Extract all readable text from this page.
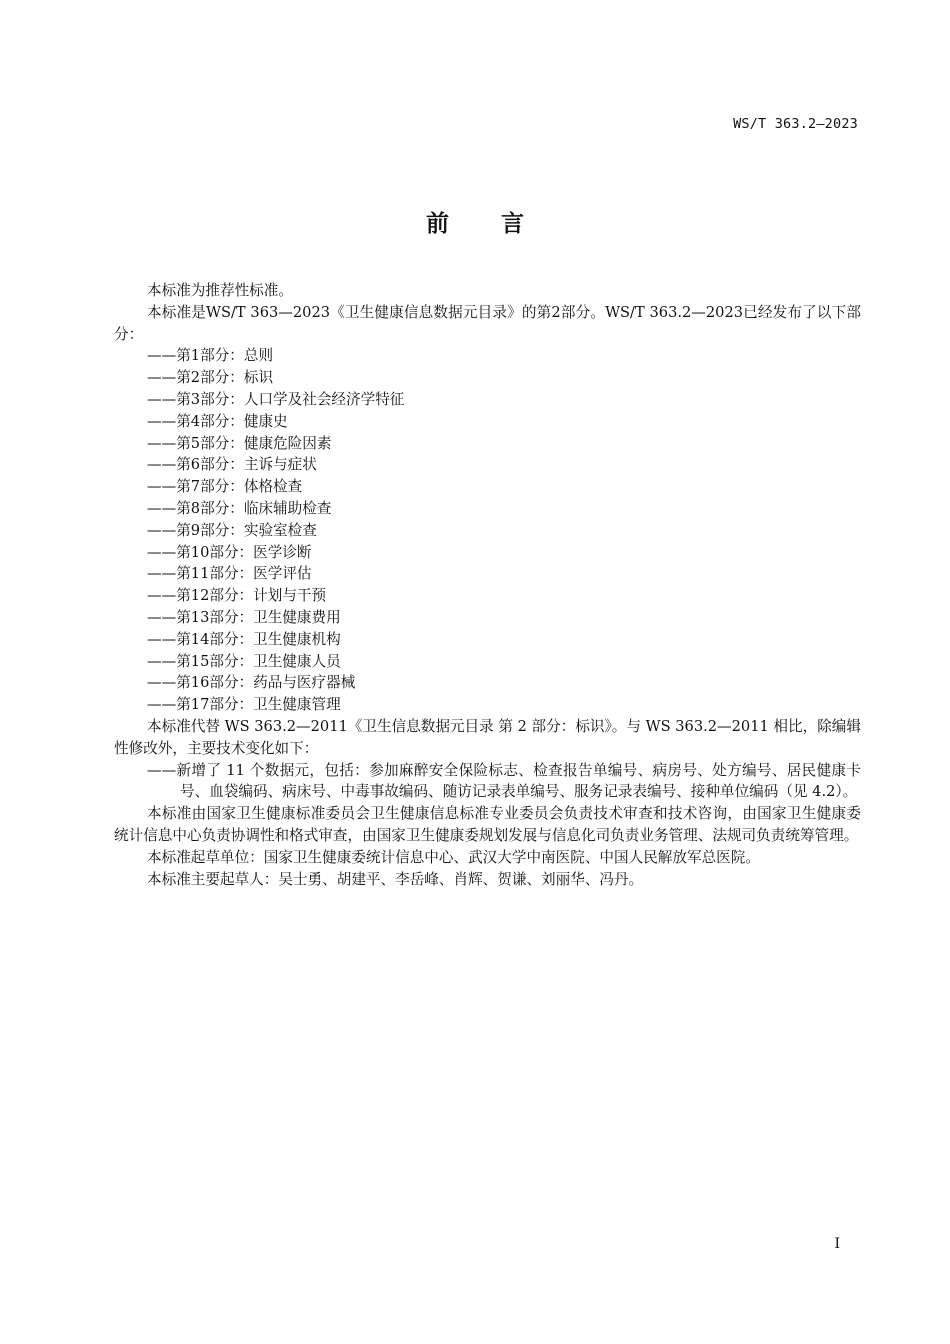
WS/T 363.2—2023
前言

本标准为推荐性标准。

本标准是WS/T 363—2023《卫生健康信息数据元目录》的第2部分。WS/T 363.2—2023已经发布了以下部分：

——第1部分：总则
——第2部分：标识
——第3部分：人口学及社会经济学特征
——第4部分：健康史
——第5部分：健康危险因素
——第6部分：主诉与症状
——第7部分：体格检查
——第8部分：临床辅助检查
——第9部分：实验室检查
——第10部分：医学诊断
——第11部分：医学评估
——第12部分：计划与干预
——第13部分：卫生健康费用
——第14部分：卫生健康机构
——第15部分：卫生健康人员
——第16部分：药品与医疗器械
——第17部分：卫生健康管理

本标准代替 WS 363.2—2011《卫生信息数据元目录 第 2 部分：标识》。与 WS 363.2—2011 相比，除编辑性修改外，主要技术变化如下：

——新增了 11 个数据元，包括：参加麻醉安全保险标志、检查报告单编号、病房号、处方编号、居民健康卡号、血袋编码、病床号、中毒事故编码、随访记录表单编号、服务记录表编号、接种单位编码（见 4.2）。

本标准由国家卫生健康标准委员会卫生健康信息标准专业委员会负责技术审查和技术咨询，由国家卫生健康委统计信息中心负责协调性和格式审查，由国家卫生健康委规划发展与信息化司负责业务管理、法规司负责统筹管理。

本标准起草单位：国家卫生健康委统计信息中心、武汉大学中南医院、中国人民解放军总医院。

本标准主要起草人：吴士勇、胡建平、李岳峰、肖辉、贺谦、刘丽华、冯丹。

I
